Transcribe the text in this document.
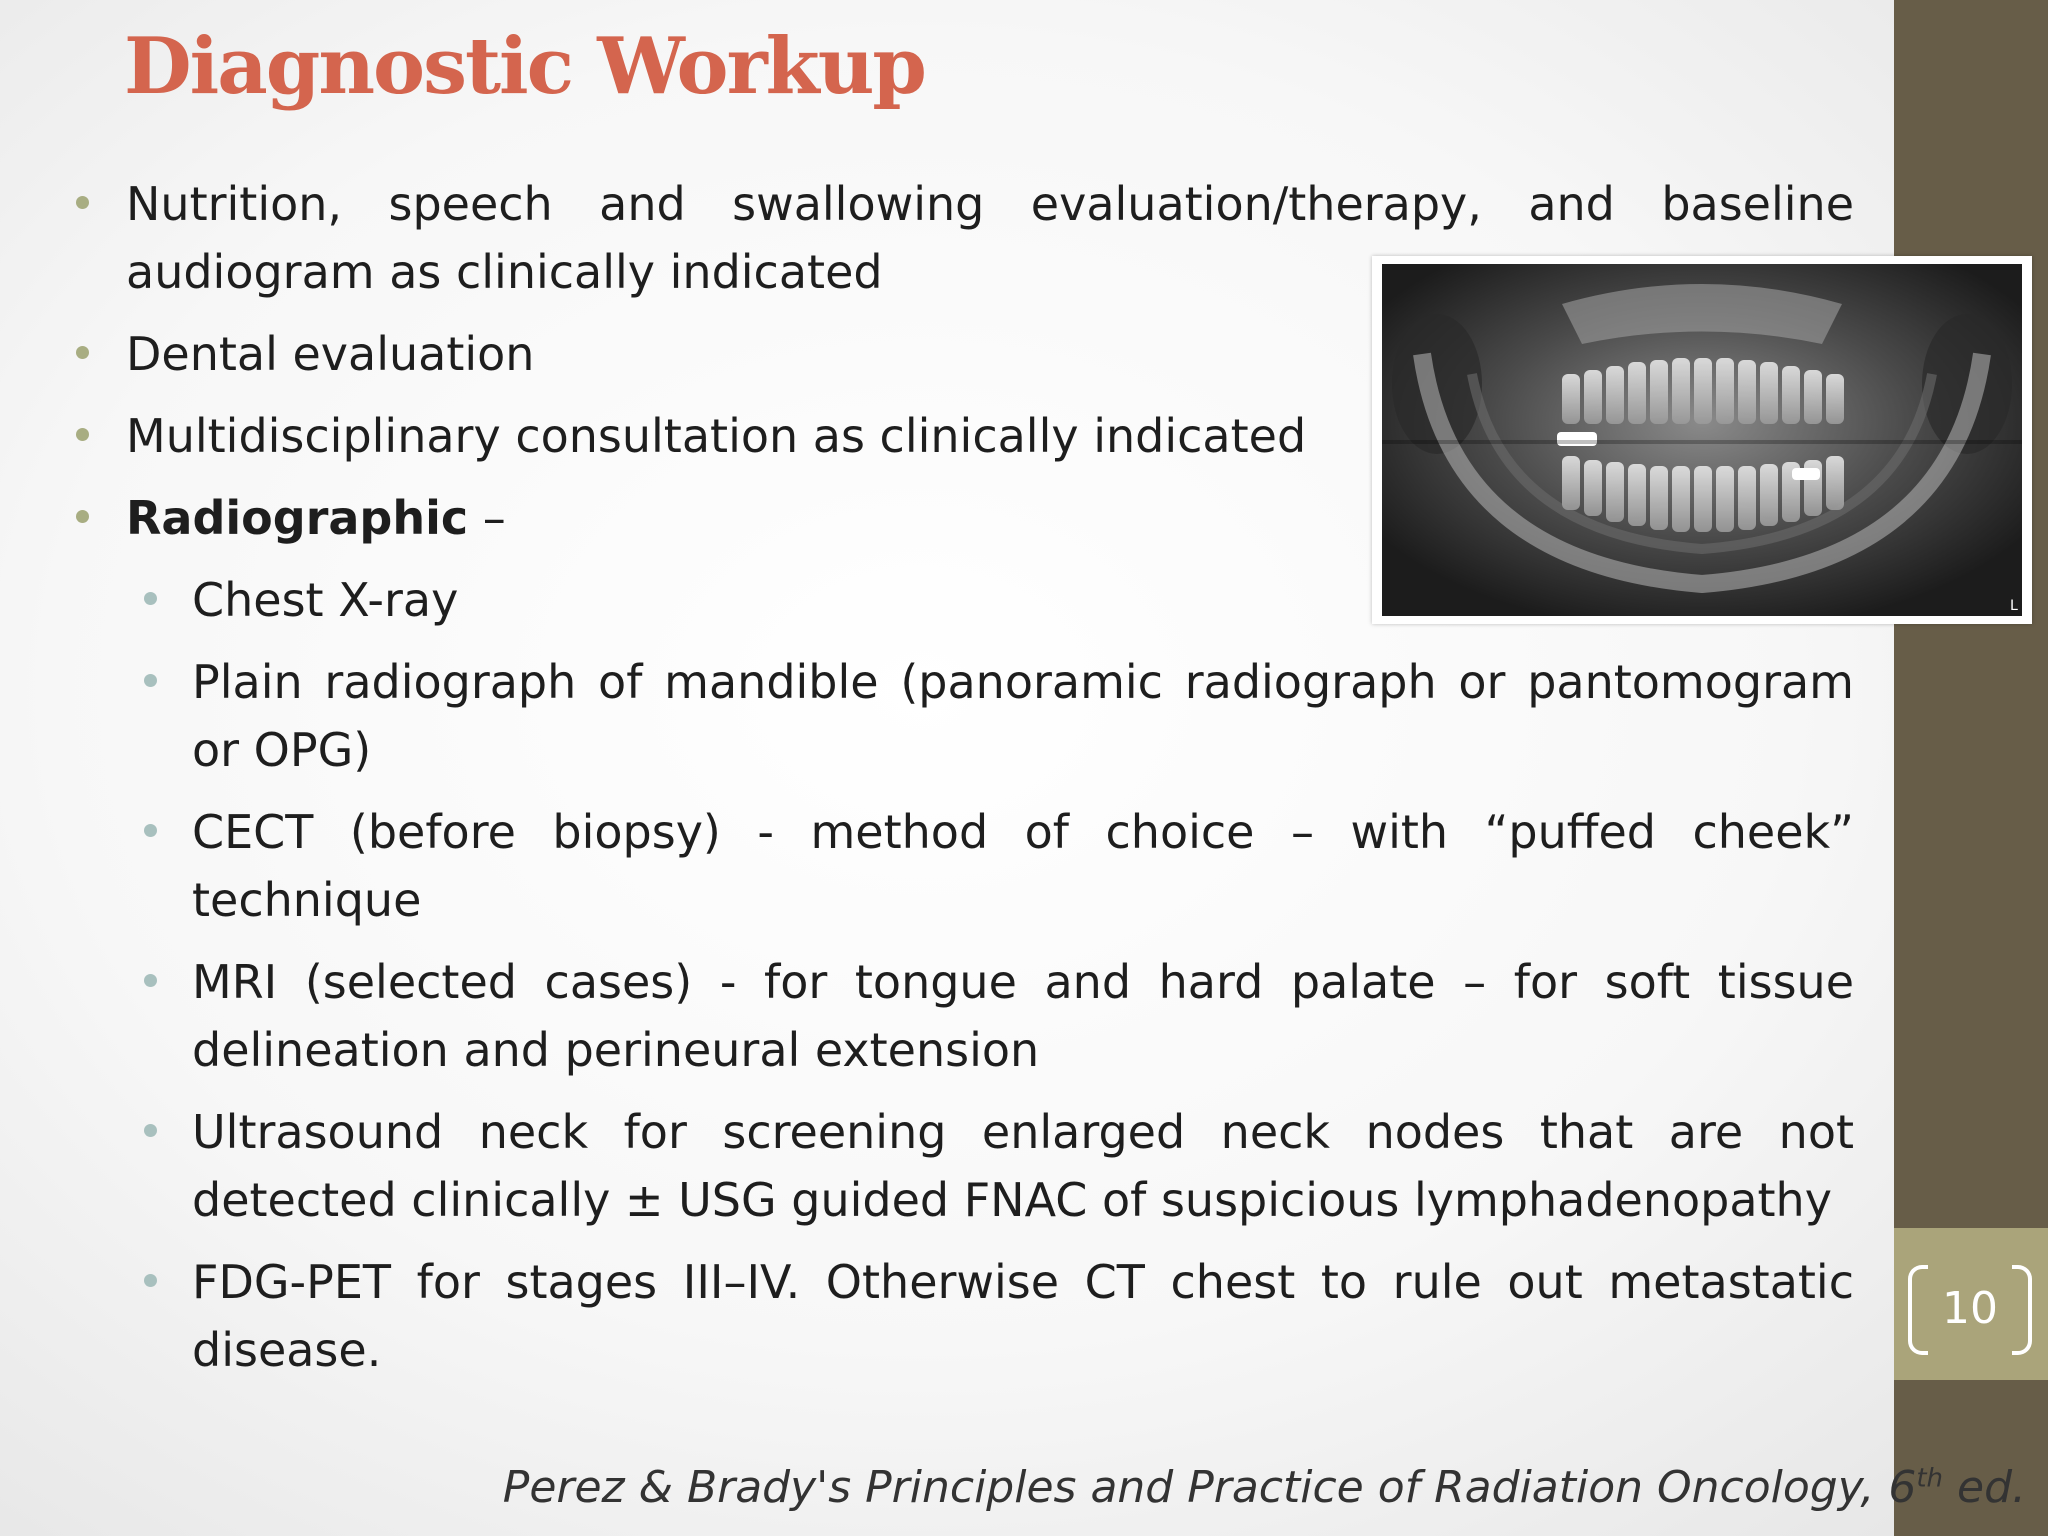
10
Diagnostic Workup

Nutrition, speech and swallowing evaluation/therapy, and baseline audiogram as clinically indicated

Dental evaluation

Multidisciplinary consultation as clinically indicated

Radiographic –

Chest X-ray

Plain radiograph of mandible (panoramic radiograph or pantomogram or OPG)

CECT (before biopsy) - method of choice – with “puffed cheek” technique

MRI (selected cases) - for tongue and hard palate – for soft tissue delineation and perineural extension

Ultrasound neck for screening enlarged neck nodes that are not detected clinically ± USG guided FNAC of suspicious lymphadenopathy

FDG-PET for stages III–IV. Otherwise CT chest to rule out metastatic disease.

L
Perez & Brady's Principles and Practice of Radiation Oncology, 6th ed.
